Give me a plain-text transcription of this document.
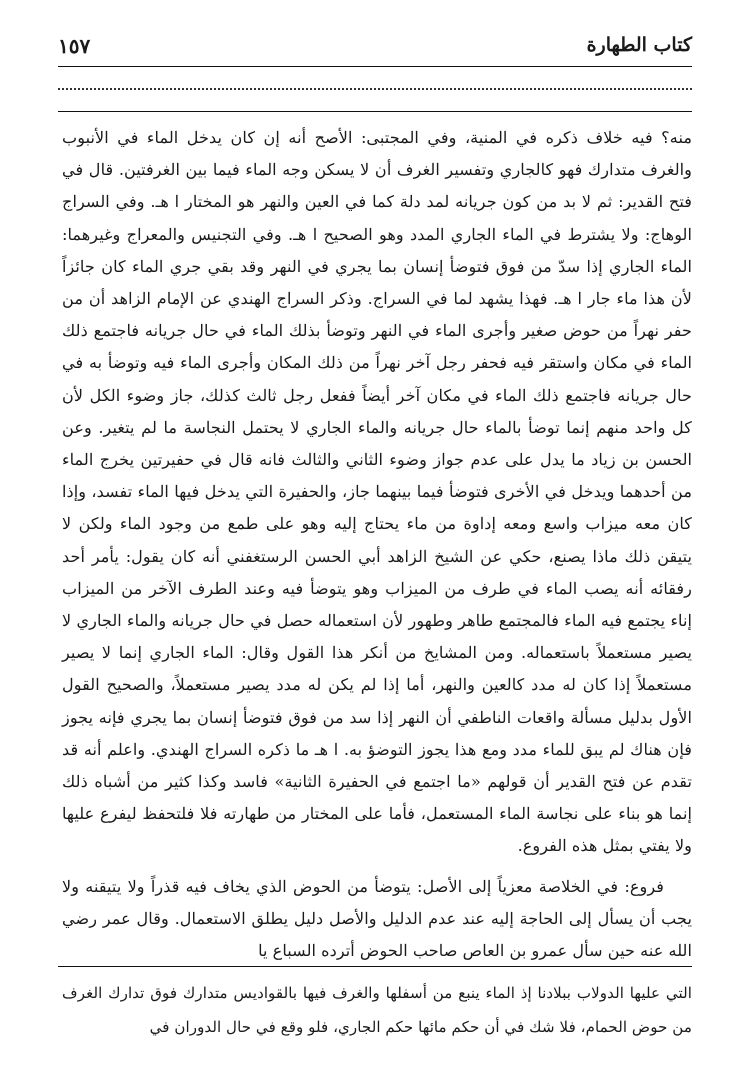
١٥٧	كتاب الطهارة

منه؟ فيه خلاف ذكره في المنية، وفي المجتبى: الأصح أنه إن كان يدخل الماء في الأنبوب والغرف متدارك فهو كالجاري وتفسير الغرف أن لا يسكن وجه الماء فيما بين الغرفتين. قال في فتح القدير: ثم لا بد من كون جريانه لمد دلة كما في العين والنهر هو المختار ا هـ. وفي السراج الوهاج: ولا يشترط في الماء الجاري المدد وهو الصحيح ا هـ. وفي التجنيس والمعراج وغيرهما: الماء الجاري إذا سدّ من فوق فتوضأ إنسان بما يجري في النهر وقد بقي جري الماء كان جائزاً لأن هذا ماء جار ا هـ. فهذا يشهد لما في السراج. وذكر السراج الهندي عن الإمام الزاهد أن من حفر نهراً من حوض صغير وأجرى الماء في النهر وتوضأ بذلك الماء في حال جريانه فاجتمع ذلك الماء في مكان واستقر فيه فحفر رجل آخر نهراً من ذلك المكان وأجرى الماء فيه وتوضأ به في حال جريانه فاجتمع ذلك الماء في مكان آخر أيضاً ففعل رجل ثالث كذلك، جاز وضوء الكل لأن كل واحد منهم إنما توضأ بالماء حال جريانه والماء الجاري لا يحتمل النجاسة ما لم يتغير. وعن الحسن بن زياد ما يدل على عدم جواز وضوء الثاني والثالث فانه قال في حفيرتين يخرج الماء من أحدهما ويدخل في الأخرى فتوضأ فيما بينهما جاز، والحفيرة التي يدخل فيها الماء تفسد، وإذا كان معه ميزاب واسع ومعه إداوة من ماء يحتاج إليه وهو على طمع من وجود الماء ولكن لا يتيقن ذلك ماذا يصنع، حكي عن الشيخ الزاهد أبي الحسن الرستغفني أنه كان يقول: يأمر أحد رفقائه أنه يصب الماء في طرف من الميزاب وهو يتوضأ فيه وعند الطرف الآخر من الميزاب إناء يجتمع فيه الماء فالمجتمع طاهر وطهور لأن استعماله حصل في حال جريانه والماء الجاري لا يصير مستعملاً باستعماله. ومن المشايخ من أنكر هذا القول وقال: الماء الجاري إنما لا يصير مستعملاً إذا كان له مدد كالعين والنهر، أما إذا لم يكن له مدد يصير مستعملاً، والصحيح القول الأول بدليل مسألة واقعات الناطفي أن النهر إذا سد من فوق فتوضأ إنسان بما يجري فإنه يجوز فإن هناك لم يبق للماء مدد ومع هذا يجوز التوضؤ به. ا هـ ما ذكره السراج الهندي. واعلم أنه قد تقدم عن فتح القدير أن قولهم «ما اجتمع في الحفيرة الثانية» فاسد وكذا كثير من أشباه ذلك إنما هو بناء على نجاسة الماء المستعمل، فأما على المختار من طهارته فلا فلتحفظ ليفرع عليها ولا يفتي بمثل هذه الفروع.

فروع: في الخلاصة معزياً إلى الأصل: يتوضأ من الحوض الذي يخاف فيه قذراً ولا يتيقنه ولا يجب أن يسأل إلى الحاجة إليه عند عدم الدليل والأصل دليل يطلق الاستعمال. وقال عمر رضي الله عنه حين سأل عمرو بن العاص صاحب الحوض أترده السباع يا

التي عليها الدولاب ببلادنا إذ الماء ينبع من أسفلها والغرف فيها بالقواديس متدارك فوق تدارك الغرف من حوض الحمام، فلا شك في أن حكم مائها حكم الجاري، فلو وقع في حال الدوران في
